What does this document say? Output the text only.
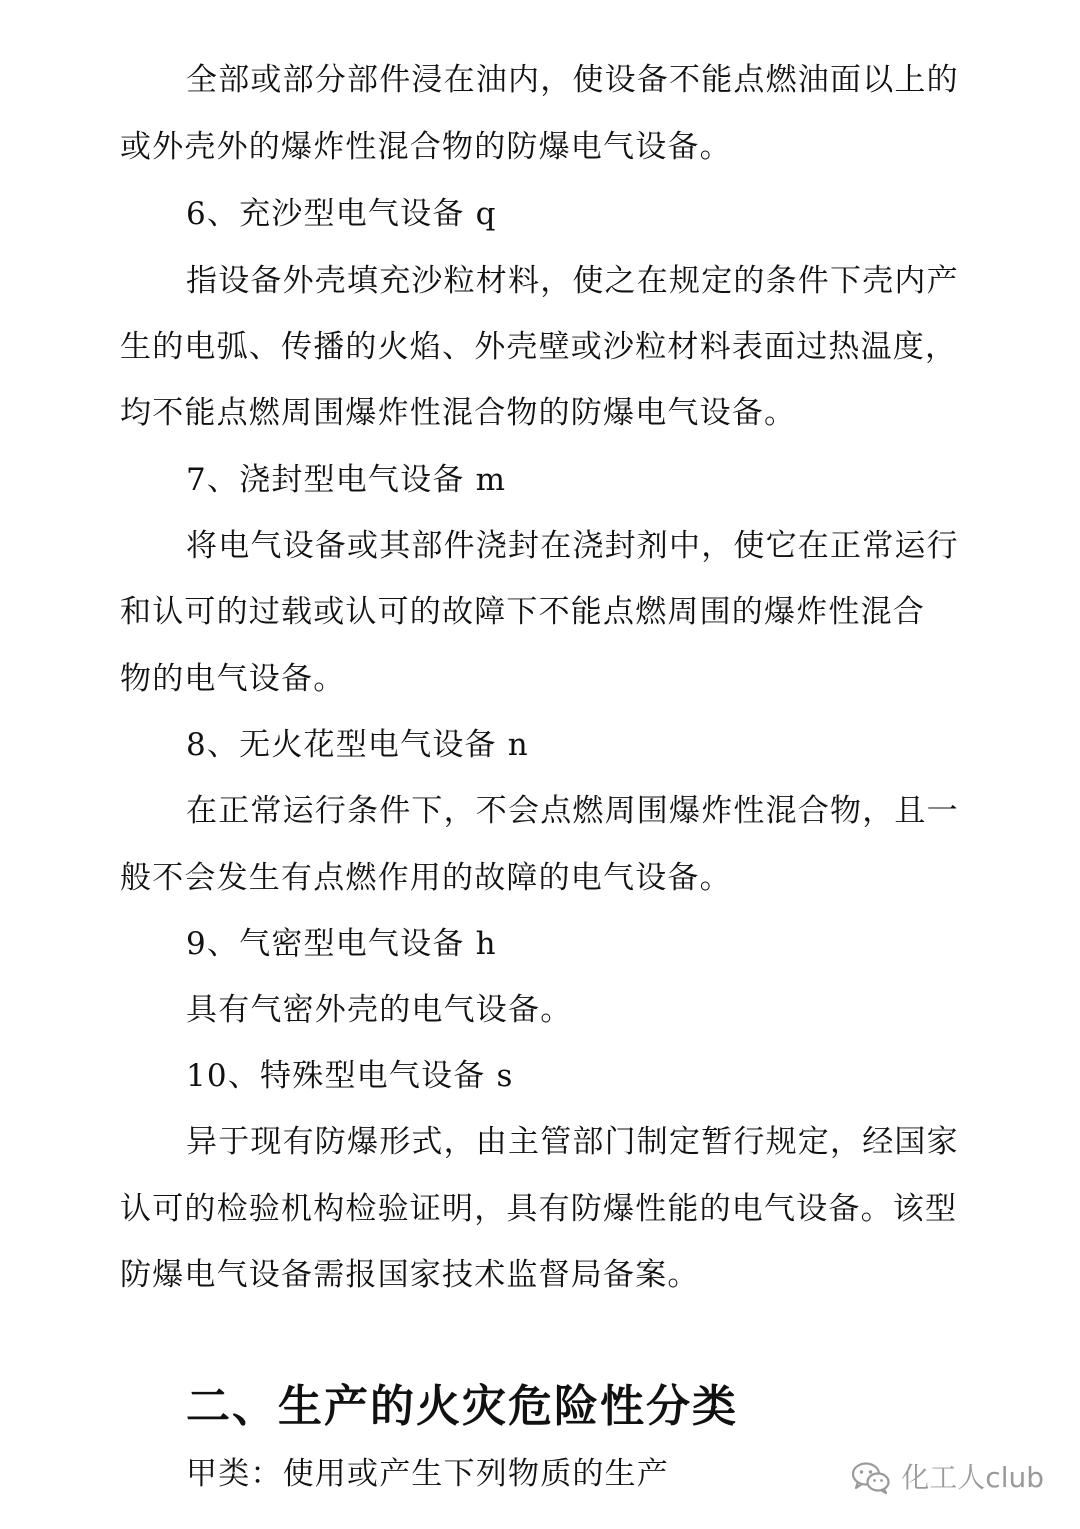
全部或部分部件浸在油内，使设备不能点燃油面以上的
或外壳外的爆炸性混合物的防爆电气设备。
6、充沙型电气设备 q
指设备外壳填充沙粒材料，使之在规定的条件下壳内产
生的电弧、传播的火焰、外壳壁或沙粒材料表面过热温度，
均不能点燃周围爆炸性混合物的防爆电气设备。
7、浇封型电气设备 m
将电气设备或其部件浇封在浇封剂中，使它在正常运行
和认可的过载或认可的故障下不能点燃周围的爆炸性混合
物的电气设备。
8、无火花型电气设备 n
在正常运行条件下，不会点燃周围爆炸性混合物，且一
般不会发生有点燃作用的故障的电气设备。
9、气密型电气设备 h
具有气密外壳的电气设备。
10、特殊型电气设备 s
异于现有防爆形式，由主管部门制定暂行规定，经国家
认可的检验机构检验证明，具有防爆性能的电气设备。该型
防爆电气设备需报国家技术监督局备案。
二、生产的火灾危险性分类
甲类：使用或产生下列物质的生产	化工人club
